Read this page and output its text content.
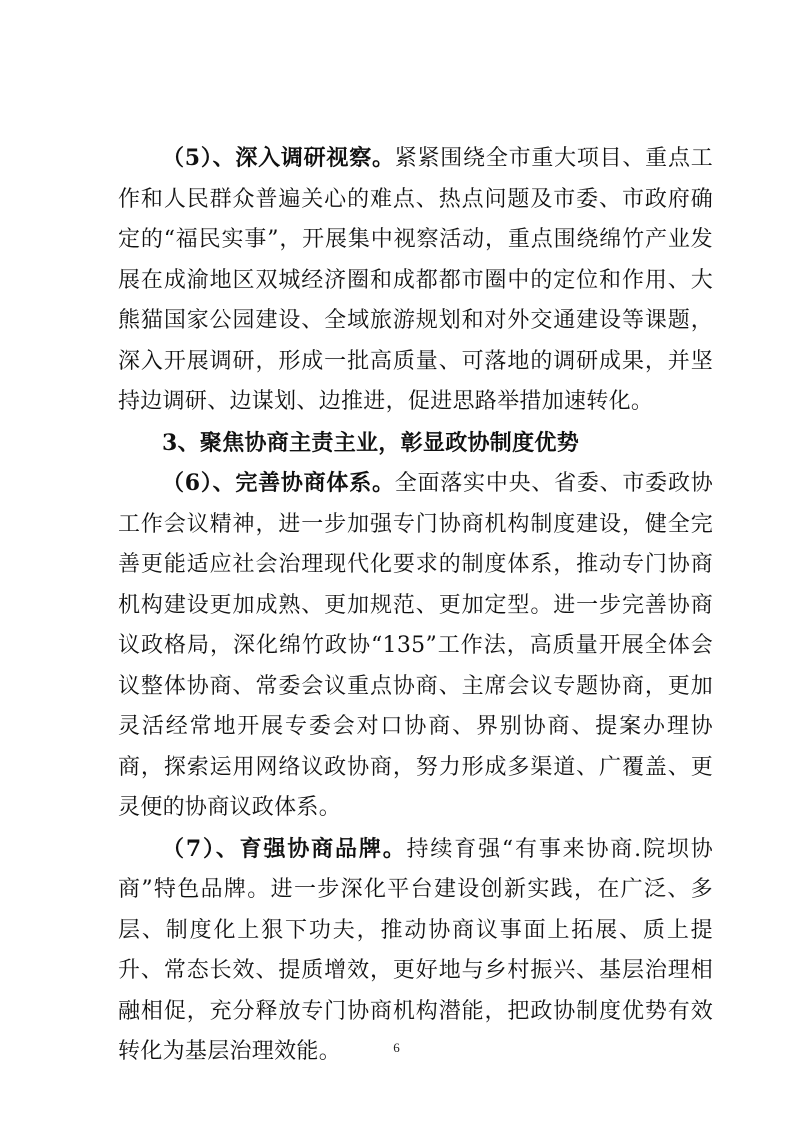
（5）、深入调研视察。紧紧围绕全市重大项目、重点工作和人民群众普遍关心的难点、热点问题及市委、市政府确定的“福民实事”，开展集中视察活动，重点围绕绵竹产业发展在成渝地区双城经济圈和成都都市圈中的定位和作用、大熊猫国家公园建设、全域旅游规划和对外交通建设等课题，深入开展调研，形成一批高质量、可落地的调研成果，并坚持边调研、边谋划、边推进，促进思路举措加速转化。

3、聚焦协商主责主业，彰显政协制度优势

（6）、完善协商体系。全面落实中央、省委、市委政协工作会议精神，进一步加强专门协商机构制度建设，健全完善更能适应社会治理现代化要求的制度体系，推动专门协商机构建设更加成熟、更加规范、更加定型。进一步完善协商议政格局，深化绵竹政协“135”工作法，高质量开展全体会议整体协商、常委会议重点协商、主席会议专题协商，更加灵活经常地开展专委会对口协商、界别协商、提案办理协商，探索运用网络议政协商，努力形成多渠道、广覆盖、更灵便的协商议政体系。

（7）、育强协商品牌。持续育强“有事来协商.院坝协商”特色品牌。进一步深化平台建设创新实践，在广泛、多层、制度化上狠下功夫，推动协商议事面上拓展、质上提升、常态长效、提质增效，更好地与乡村振兴、基层治理相融相促，充分释放专门协商机构潜能，把政协制度优势有效转化为基层治理效能。	6
